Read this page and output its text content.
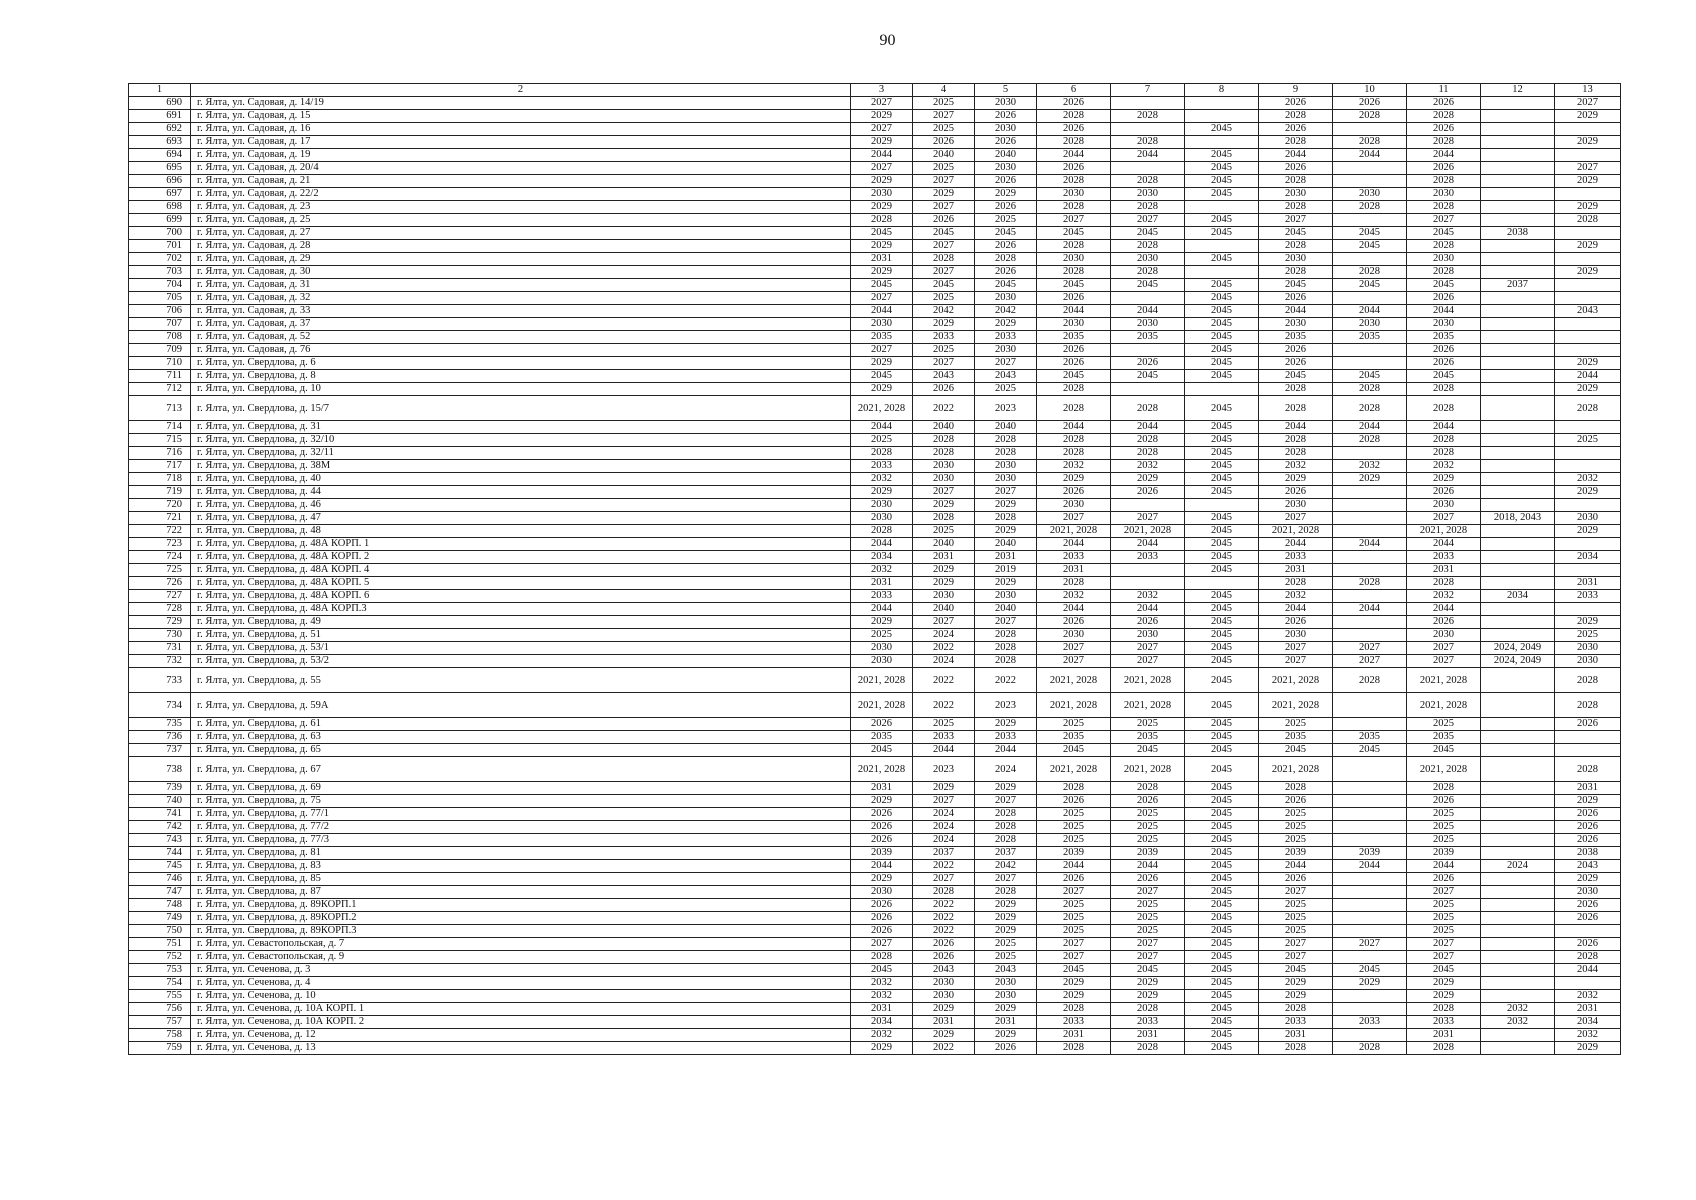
90
1	2	3	4	5	6	7	8	9	10	11	12	13
690	г. Ялта, ул. Садовая, д. 14/19	2027	2025	2030	2026			2026	2026	2026		2027
691	г. Ялта, ул. Садовая, д. 15	2029	2027	2026	2028	2028		2028	2028	2028		2029
692	г. Ялта, ул. Садовая, д. 16	2027	2025	2030	2026		2045	2026		2026		
693	г. Ялта, ул. Садовая, д. 17	2029	2026	2026	2028	2028		2028	2028	2028		2029
694	г. Ялта, ул. Садовая, д. 19	2044	2040	2040	2044	2044	2045	2044	2044	2044		
695	г. Ялта, ул. Садовая, д. 20/4	2027	2025	2030	2026		2045	2026		2026		2027
696	г. Ялта, ул. Садовая, д. 21	2029	2027	2026	2028	2028	2045	2028		2028		2029
697	г. Ялта, ул. Садовая, д. 22/2	2030	2029	2029	2030	2030	2045	2030	2030	2030		
698	г. Ялта, ул. Садовая, д. 23	2029	2027	2026	2028	2028		2028	2028	2028		2029
699	г. Ялта, ул. Садовая, д. 25	2028	2026	2025	2027	2027	2045	2027		2027		2028
700	г. Ялта, ул. Садовая, д. 27	2045	2045	2045	2045	2045	2045	2045	2045	2045	2038	
701	г. Ялта, ул. Садовая, д. 28	2029	2027	2026	2028	2028		2028	2045	2028		2029
702	г. Ялта, ул. Садовая, д. 29	2031	2028	2028	2030	2030	2045	2030		2030		
703	г. Ялта, ул. Садовая, д. 30	2029	2027	2026	2028	2028		2028	2028	2028		2029
704	г. Ялта, ул. Садовая, д. 31	2045	2045	2045	2045	2045	2045	2045	2045	2045	2037	
705	г. Ялта, ул. Садовая, д. 32	2027	2025	2030	2026		2045	2026		2026		
706	г. Ялта, ул. Садовая, д. 33	2044	2042	2042	2044	2044	2045	2044	2044	2044		2043
707	г. Ялта, ул. Садовая, д. 37	2030	2029	2029	2030	2030	2045	2030	2030	2030		
708	г. Ялта, ул. Садовая, д. 52	2035	2033	2033	2035	2035	2045	2035	2035	2035		
709	г. Ялта, ул. Садовая, д. 76	2027	2025	2030	2026		2045	2026		2026		
710	г. Ялта, ул. Свердлова, д. 6	2029	2027	2027	2026	2026	2045	2026		2026		2029
711	г. Ялта, ул. Свердлова, д. 8	2045	2043	2043	2045	2045	2045	2045	2045	2045		2044
712	г. Ялта, ул. Свердлова, д. 10	2029	2026	2025	2028			2028	2028	2028		2029
713	г. Ялта, ул. Свердлова, д. 15/7	2021, 2028	2022	2023	2028	2028	2045	2028	2028	2028		2028
714	г. Ялта, ул. Свердлова, д. 31	2044	2040	2040	2044	2044	2045	2044	2044	2044		
715	г. Ялта, ул. Свердлова, д. 32/10	2025	2028	2028	2028	2028	2045	2028	2028	2028		2025
716	г. Ялта, ул. Свердлова, д. 32/11	2028	2028	2028	2028	2028	2045	2028		2028		
717	г. Ялта, ул. Свердлова, д. 38М	2033	2030	2030	2032	2032	2045	2032	2032	2032		
718	г. Ялта, ул. Свердлова, д. 40	2032	2030	2030	2029	2029	2045	2029	2029	2029		2032
719	г. Ялта, ул. Свердлова, д. 44	2029	2027	2027	2026	2026	2045	2026		2026		2029
720	г. Ялта, ул. Свердлова, д. 46	2030	2029	2029	2030			2030		2030		
721	г. Ялта, ул. Свердлова, д. 47	2030	2028	2028	2027	2027	2045	2027		2027	2018, 2043	2030
722	г. Ялта, ул. Свердлова, д. 48	2028	2025	2029	2021, 2028	2021, 2028	2045	2021, 2028		2021, 2028		2029
723	г. Ялта, ул. Свердлова, д. 48А КОРП. 1	2044	2040	2040	2044	2044	2045	2044	2044	2044		
724	г. Ялта, ул. Свердлова, д. 48А КОРП. 2	2034	2031	2031	2033	2033	2045	2033		2033		2034
725	г. Ялта, ул. Свердлова, д. 48А КОРП. 4	2032	2029	2019	2031		2045	2031		2031		
726	г. Ялта, ул. Свердлова, д. 48А КОРП. 5	2031	2029	2029	2028			2028	2028	2028		2031
727	г. Ялта, ул. Свердлова, д. 48А КОРП. 6	2033	2030	2030	2032	2032	2045	2032		2032	2034	2033
728	г. Ялта, ул. Свердлова, д. 48А КОРП.3	2044	2040	2040	2044	2044	2045	2044	2044	2044		
729	г. Ялта, ул. Свердлова, д. 49	2029	2027	2027	2026	2026	2045	2026		2026		2029
730	г. Ялта, ул. Свердлова, д. 51	2025	2024	2028	2030	2030	2045	2030		2030		2025
731	г. Ялта, ул. Свердлова, д. 53/1	2030	2022	2028	2027	2027	2045	2027	2027	2027	2024, 2049	2030
732	г. Ялта, ул. Свердлова, д. 53/2	2030	2024	2028	2027	2027	2045	2027	2027	2027	2024, 2049	2030
733	г. Ялта, ул. Свердлова, д. 55	2021, 2028	2022	2022	2021, 2028	2021, 2028	2045	2021, 2028	2028	2021, 2028		2028
734	г. Ялта, ул. Свердлова, д. 59А	2021, 2028	2022	2023	2021, 2028	2021, 2028	2045	2021, 2028		2021, 2028		2028
735	г. Ялта, ул. Свердлова, д. 61	2026	2025	2029	2025	2025	2045	2025		2025		2026
736	г. Ялта, ул. Свердлова, д. 63	2035	2033	2033	2035	2035	2045	2035	2035	2035		
737	г. Ялта, ул. Свердлова, д. 65	2045	2044	2044	2045	2045	2045	2045	2045	2045		
738	г. Ялта, ул. Свердлова, д. 67	2021, 2028	2023	2024	2021, 2028	2021, 2028	2045	2021, 2028		2021, 2028		2028
739	г. Ялта, ул. Свердлова, д. 69	2031	2029	2029	2028	2028	2045	2028		2028		2031
740	г. Ялта, ул. Свердлова, д. 75	2029	2027	2027	2026	2026	2045	2026		2026		2029
741	г. Ялта, ул. Свердлова, д. 77/1	2026	2024	2028	2025	2025	2045	2025		2025		2026
742	г. Ялта, ул. Свердлова, д. 77/2	2026	2024	2028	2025	2025	2045	2025		2025		2026
743	г. Ялта, ул. Свердлова, д. 77/3	2026	2024	2028	2025	2025	2045	2025		2025		2026
744	г. Ялта, ул. Свердлова, д. 81	2039	2037	2037	2039	2039	2045	2039	2039	2039		2038
745	г. Ялта, ул. Свердлова, д. 83	2044	2022	2042	2044	2044	2045	2044	2044	2044	2024	2043
746	г. Ялта, ул. Свердлова, д. 85	2029	2027	2027	2026	2026	2045	2026		2026		2029
747	г. Ялта, ул. Свердлова, д. 87	2030	2028	2028	2027	2027	2045	2027		2027		2030
748	г. Ялта, ул. Свердлова, д. 89КОРП.1	2026	2022	2029	2025	2025	2045	2025		2025		2026
749	г. Ялта, ул. Свердлова, д. 89КОРП.2	2026	2022	2029	2025	2025	2045	2025		2025		2026
750	г. Ялта, ул. Свердлова, д. 89КОРП.3	2026	2022	2029	2025	2025	2045	2025		2025		
751	г. Ялта, ул. Севастопольская, д. 7	2027	2026	2025	2027	2027	2045	2027	2027	2027		2026
752	г. Ялта, ул. Севастопольская, д. 9	2028	2026	2025	2027	2027	2045	2027		2027		2028
753	г. Ялта, ул. Сеченова, д. 3	2045	2043	2043	2045	2045	2045	2045	2045	2045		2044
754	г. Ялта, ул. Сеченова, д. 4	2032	2030	2030	2029	2029	2045	2029	2029	2029		
755	г. Ялта, ул. Сеченова, д. 10	2032	2030	2030	2029	2029	2045	2029		2029		2032
756	г. Ялта, ул. Сеченова, д. 10А КОРП. 1	2031	2029	2029	2028	2028	2045	2028		2028	2032	2031
757	г. Ялта, ул. Сеченова, д. 10А КОРП. 2	2034	2031	2031	2033	2033	2045	2033	2033	2033	2032	2034
758	г. Ялта, ул. Сеченова, д. 12	2032	2029	2029	2031	2031	2045	2031		2031		2032
759	г. Ялта, ул. Сеченова, д. 13	2029	2022	2026	2028	2028	2045	2028	2028	2028		2029
